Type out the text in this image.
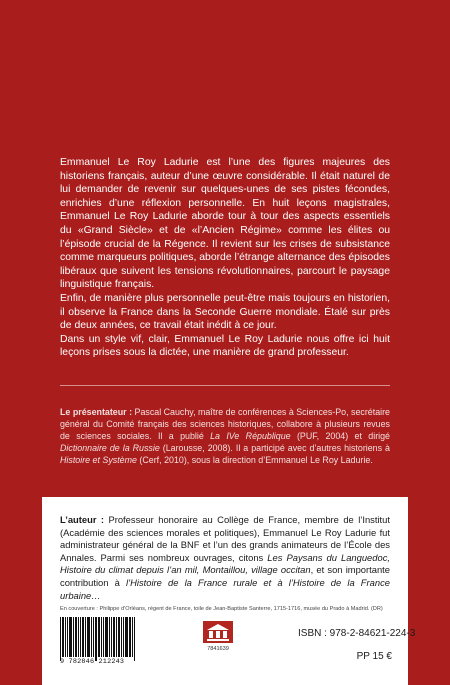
Emmanuel Le Roy Ladurie est l’une des figures majeures des historiens français, auteur d’une œuvre considérable. Il était naturel de lui demander de revenir sur quelques-unes de ses pistes fécondes, enrichies d’une réflexion personnelle. En huit leçons magistrales, Emmanuel Le Roy Ladurie aborde tour à tour des aspects essentiels du «Grand Siècle» et de «l’Ancien Régime» comme les élites ou l’épisode crucial de la Régence. Il revient sur les crises de subsistance comme marqueurs politiques, aborde l’étrange alternance des épisodes libéraux que suivent les tensions révolutionnaires, parcourt le paysage linguistique français.

Enfin, de manière plus personnelle peut-être mais toujours en historien, il observe la France dans la Seconde Guerre mondiale. Étalé sur près de deux années, ce travail était inédit à ce jour.

Dans un style vif, clair, Emmanuel Le Roy Ladurie nous offre ici huit leçons prises sous la dictée, une manière de grand professeur.

Le présentateur : Pascal Cauchy, maître de conférences à Sciences-Po, secrétaire général du Comité français des sciences historiques, collabore à plusieurs revues de sciences sociales. Il a publié La IVe République (PUF, 2004) et dirigé Dictionnaire de la Russie (Larousse, 2008). Il a participé avec d’autres historiens à Histoire et Système (Cerf, 2010), sous la direction d’Emmanuel Le Roy Ladurie.

L’auteur : Professeur honoraire au Collège de France, membre de l’Institut (Académie des sciences morales et politiques), Emmanuel Le Roy Ladurie fut administrateur général de la BNF et l’un des grands animateurs de l’École des Annales. Parmi ses nombreux ouvrages, citons Les Paysans du Languedoc, Histoire du climat depuis l’an mil, Montaillou, village occitan, et son importante contribution à l’Histoire de la France rurale et à l’Histoire de la France urbaine…

En couverture : Philippe d’Orléans, régent de France, toile de Jean-Baptiste Santerre, 1715-1716, musée du Prado à Madrid. (DR)
9 782846 212243
7841639
ISBN : 978-2-84621-224-3
PP 15 €
